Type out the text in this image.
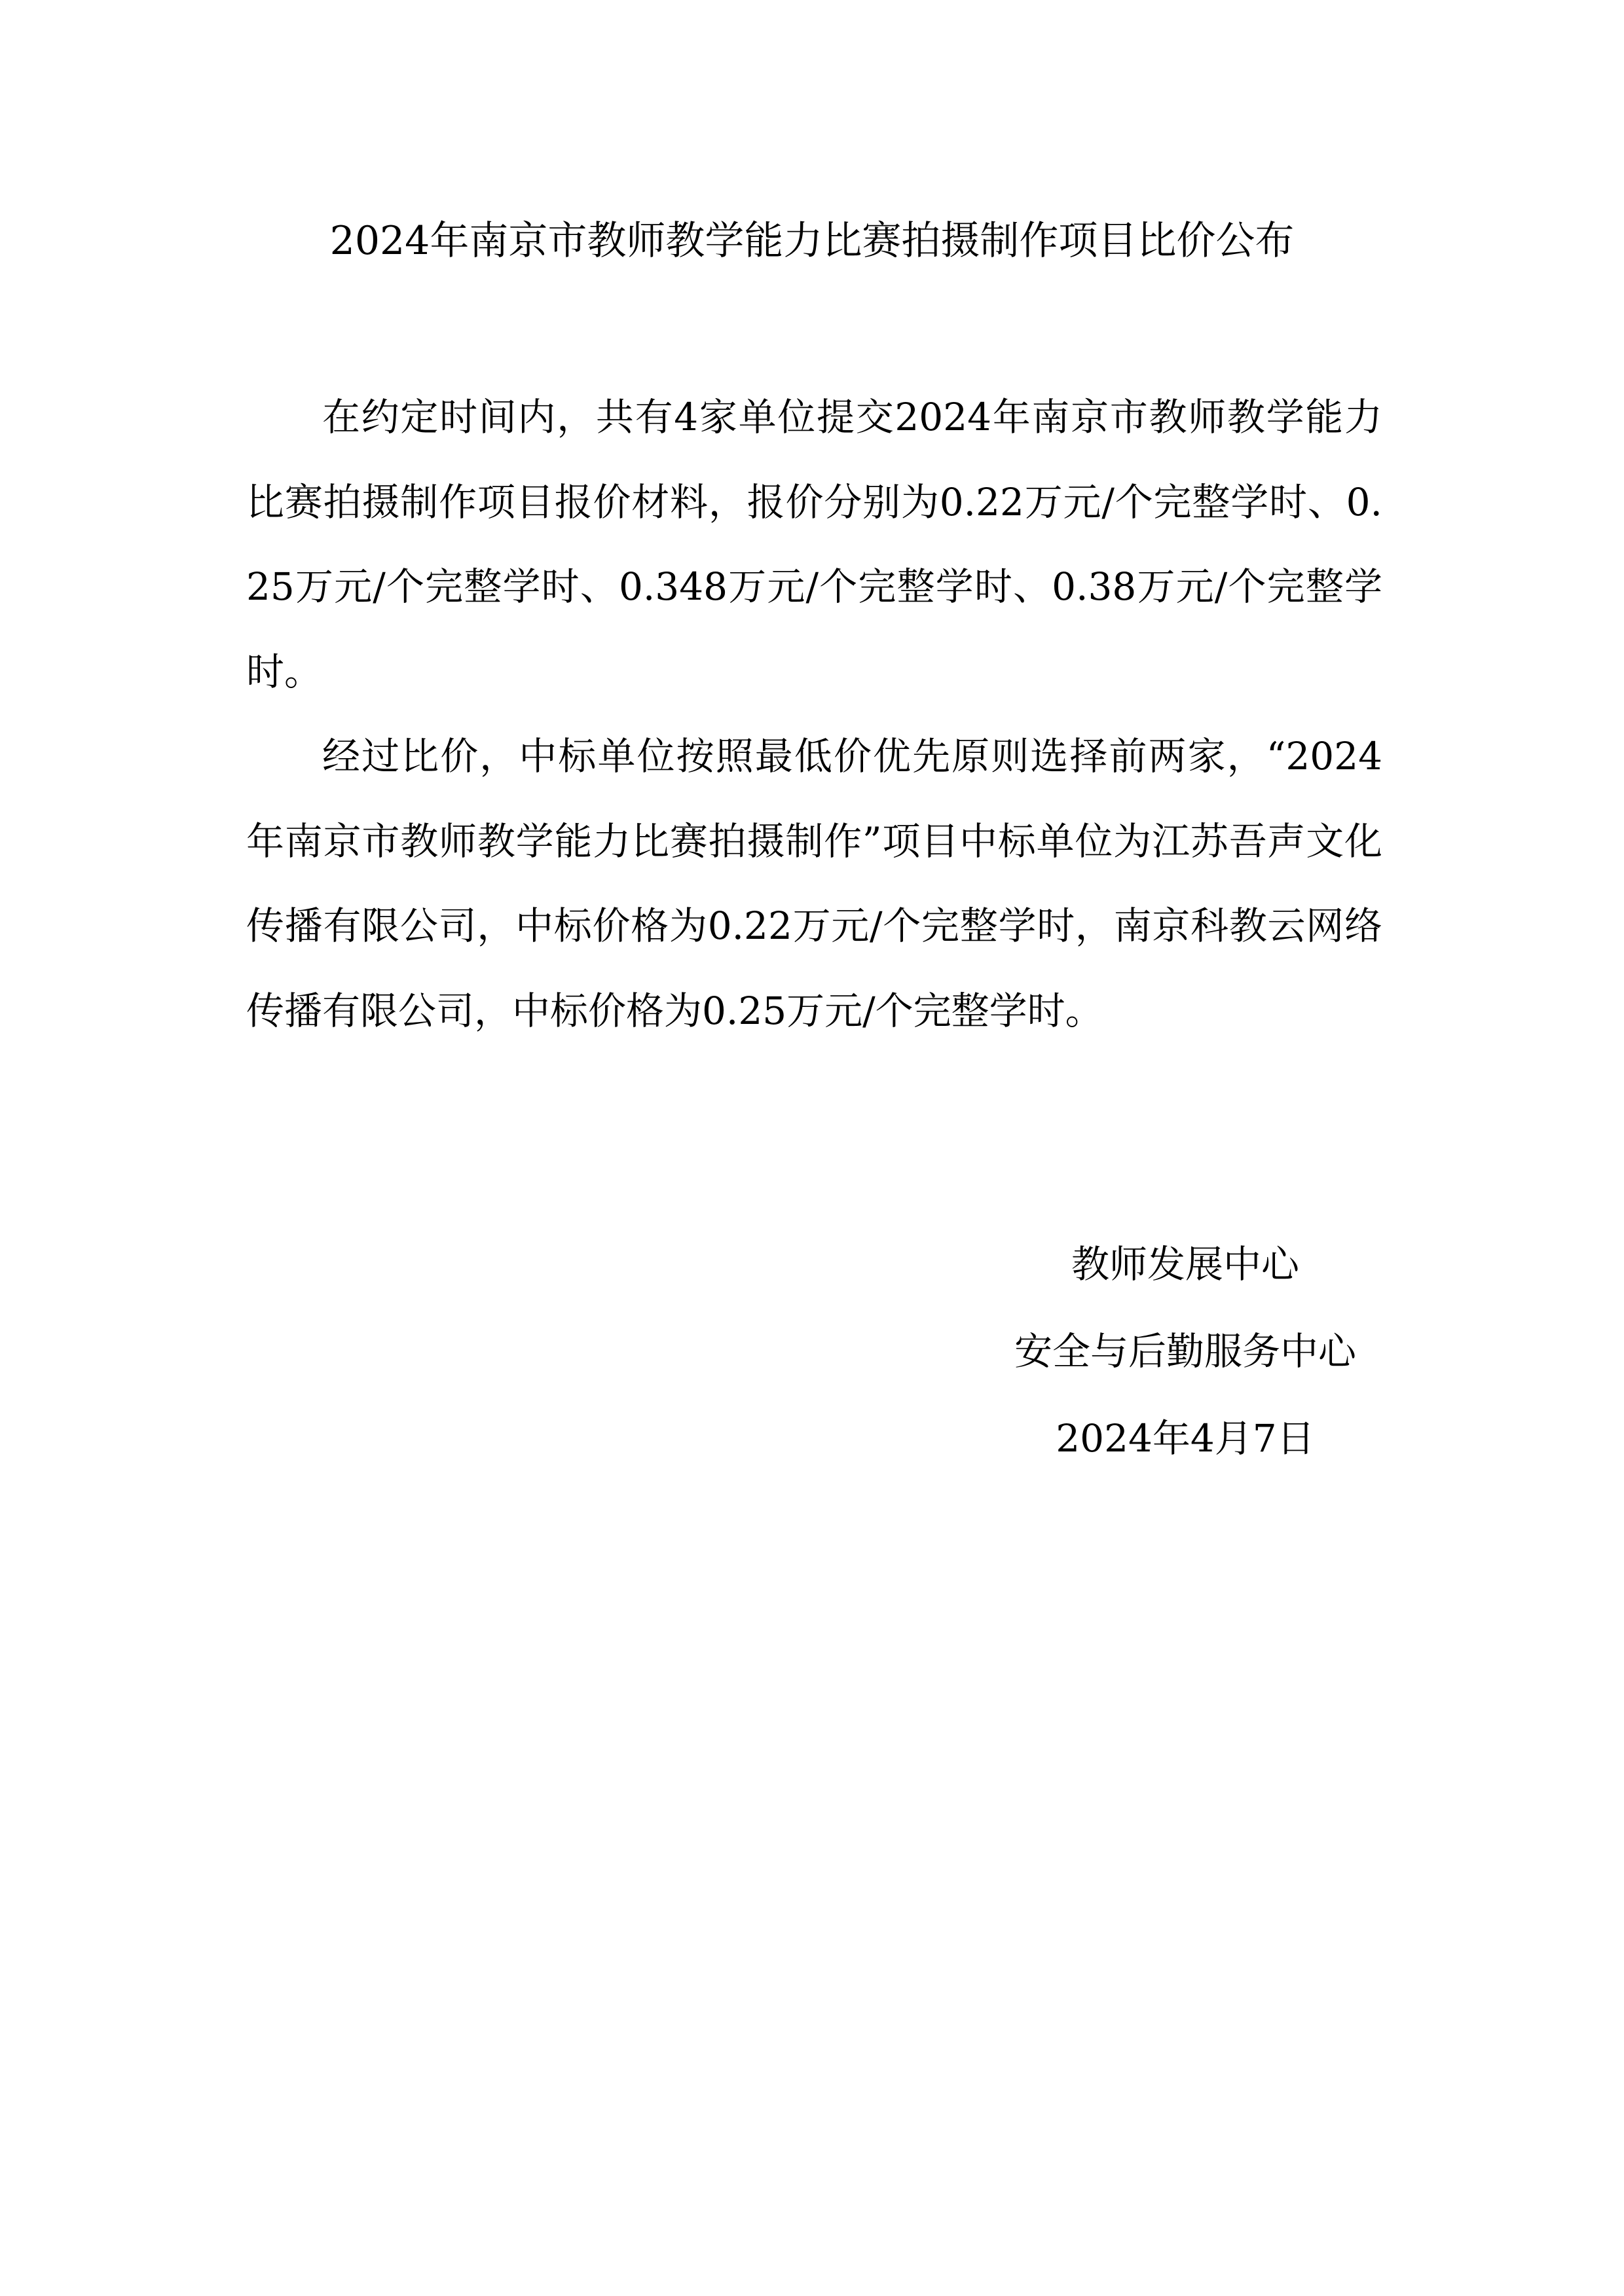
2024年南京市教师教学能力比赛拍摄制作项目比价公布

在约定时间内，共有4家单位提交2024年南京市教师教学能力比赛拍摄制作项目报价材料，报价分别为0.22万元/个完整学时、0.25万元/个完整学时、0.348万元/个完整学时、0.38万元/个完整学时。

经过比价，中标单位按照最低价优先原则选择前两家，“2024年南京市教师教学能力比赛拍摄制作”项目中标单位为江苏吾声文化传播有限公司，中标价格为0.22万元/个完整学时，南京科教云网络传播有限公司，中标价格为0.25万元/个完整学时。

教师发展中心
安全与后勤服务中心
2024年4月7日
